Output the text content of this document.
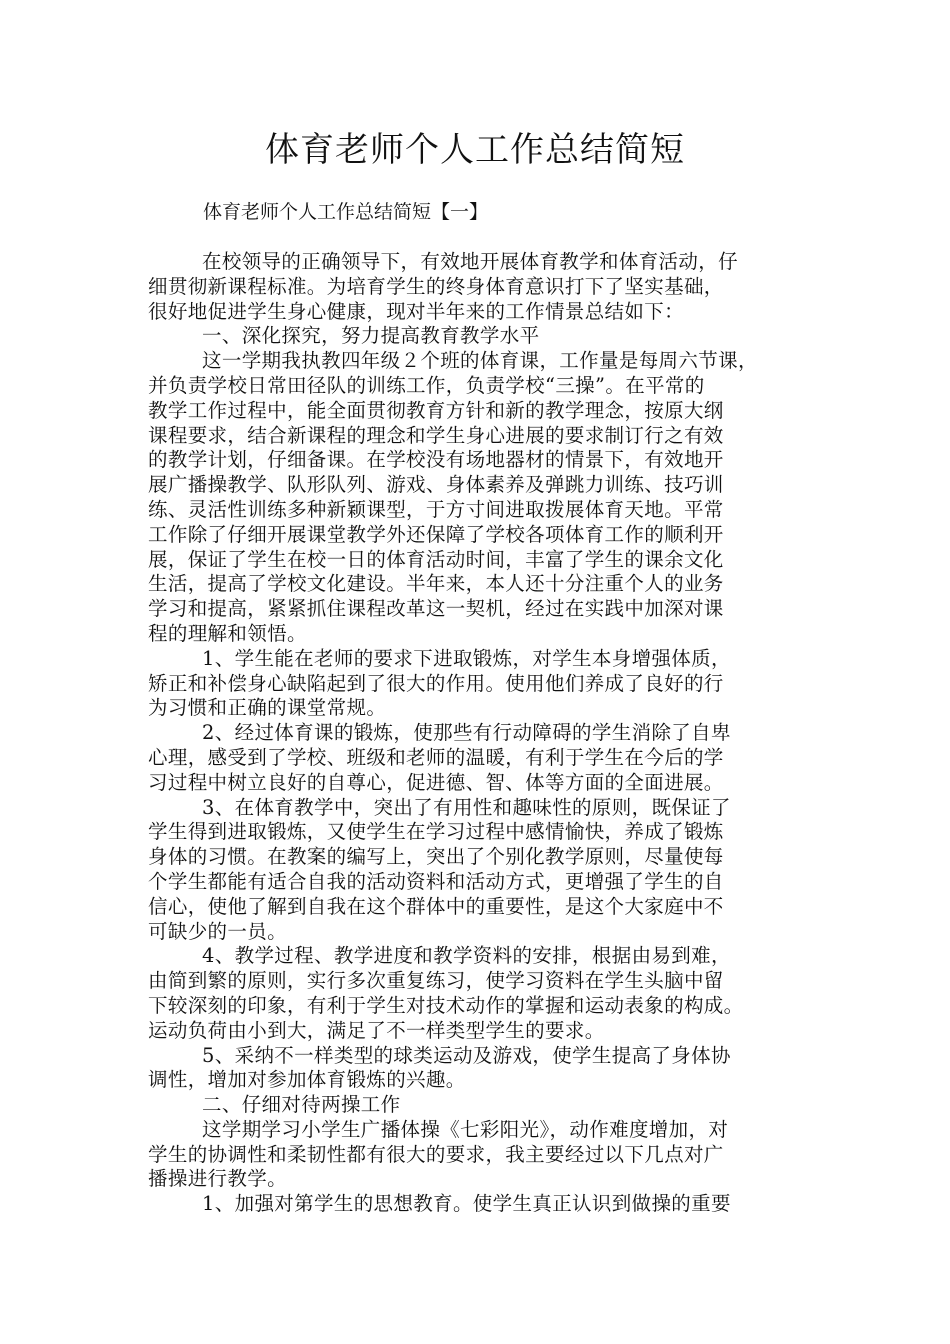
体育老师个人工作总结简短

体育老师个人工作总结简短【一】

在校领导的正确领导下，有效地开展体育教学和体育活动，仔
细贯彻新课程标准。为培育学生的终身体育意识打下了坚实基础，
很好地促进学生身心健康，现对半年来的工作情景总结如下：
一、深化探究，努力提高教育教学水平
这一学期我执教四年级２个班的体育课，工作量是每周六节课，
并负责学校日常田径队的训练工作，负责学校“三操”。在平常的
教学工作过程中，能全面贯彻教育方针和新的教学理念，按原大纲
课程要求，结合新课程的理念和学生身心进展的要求制订行之有效
的教学计划，仔细备课。在学校没有场地器材的情景下，有效地开
展广播操教学、队形队列、游戏、身体素养及弹跳力训练、技巧训
练、灵活性训练多种新颖课型，于方寸间进取拨展体育天地。平常
工作除了仔细开展课堂教学外还保障了学校各项体育工作的顺利开
展，保证了学生在校一日的体育活动时间，丰富了学生的课余文化
生活，提高了学校文化建设。半年来，本人还十分注重个人的业务
学习和提高，紧紧抓住课程改革这一契机，经过在实践中加深对课
程的理解和领悟。
1、学生能在老师的要求下进取锻炼，对学生本身增强体质，
矫正和补偿身心缺陷起到了很大的作用。使用他们养成了良好的行
为习惯和正确的课堂常规。
2、经过体育课的锻炼，使那些有行动障碍的学生消除了自卑
心理，感受到了学校、班级和老师的温暖，有利于学生在今后的学
习过程中树立良好的自尊心，促进德、智、体等方面的全面进展。
3、在体育教学中，突出了有用性和趣味性的原则，既保证了
学生得到进取锻炼，又使学生在学习过程中感情愉快，养成了锻炼
身体的习惯。在教案的编写上，突出了个别化教学原则，尽量使每
个学生都能有适合自我的活动资料和活动方式，更增强了学生的自
信心，使他了解到自我在这个群体中的重要性，是这个大家庭中不
可缺少的一员。
4、教学过程、教学进度和教学资料的安排，根据由易到难，
由简到繁的原则，实行多次重复练习，使学习资料在学生头脑中留
下较深刻的印象，有利于学生对技术动作的掌握和运动表象的构成。
运动负荷由小到大，满足了不一样类型学生的要求。
5、采纳不一样类型的球类运动及游戏，使学生提高了身体协
调性，增加对参加体育锻炼的兴趣。
二、仔细对待两操工作
这学期学习小学生广播体操《七彩阳光》，动作难度增加，对
学生的协调性和柔韧性都有很大的要求，我主要经过以下几点对广
播操进行教学。
1、加强对第学生的思想教育。使学生真正认识到做操的重要
